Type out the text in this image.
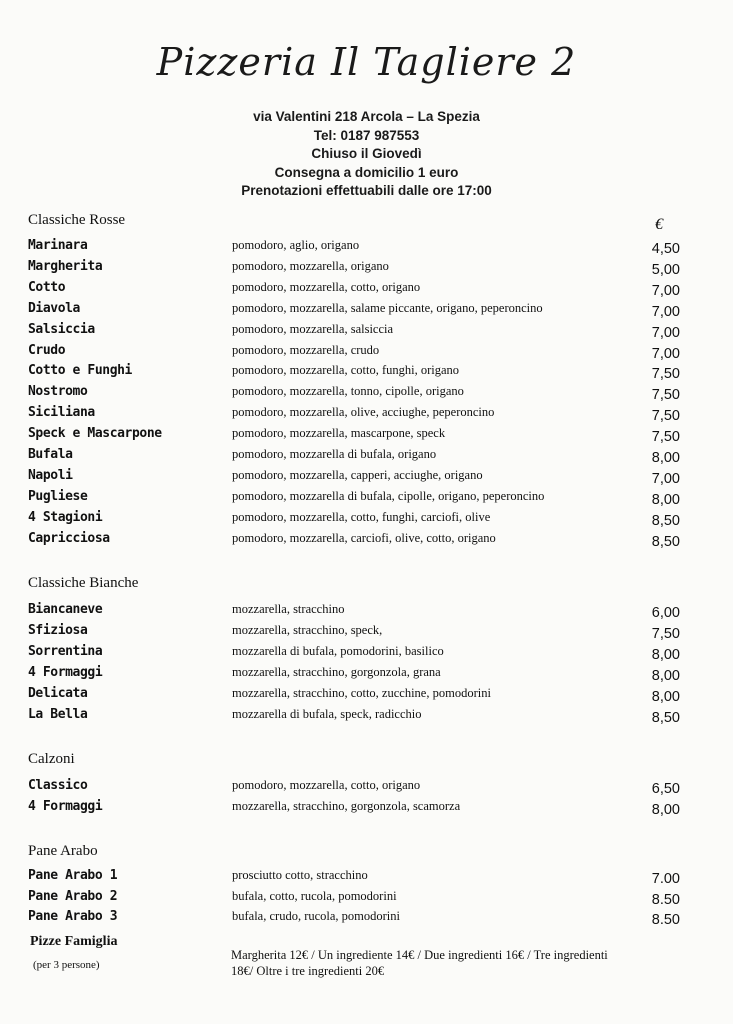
Pizzeria Il Tagliere 2
via Valentini 218 Arcola – La Spezia
Tel: 0187 987553
Chiuso il Giovedì
Consegna a domicilio 1 euro
Prenotazioni effettuabili dalle ore 17:00
Classiche Rosse	€
Marinara	pomodoro, aglio, origano	4,50
Margherita	pomodoro, mozzarella, origano	5,00
Cotto	pomodoro, mozzarella, cotto, origano	7,00
Diavola	pomodoro, mozzarella, salame piccante, origano, peperoncino	7,00
Salsiccia	pomodoro, mozzarella, salsiccia	7,00
Crudo	pomodoro, mozzarella, crudo	7,00
Cotto e Funghi	pomodoro, mozzarella, cotto, funghi, origano	7,50
Nostromo	pomodoro, mozzarella, tonno, cipolle, origano	7,50
Siciliana	pomodoro, mozzarella, olive, acciughe, peperoncino	7,50
Speck e Mascarpone	pomodoro, mozzarella, mascarpone, speck	7,50
Bufala	pomodoro, mozzarella di bufala, origano	8,00
Napoli	pomodoro, mozzarella, capperi, acciughe, origano	7,00
Pugliese	pomodoro, mozzarella di bufala, cipolle, origano, peperoncino	8,00
4 Stagioni	pomodoro, mozzarella, cotto, funghi, carciofi, olive	8,50
Capricciosa	pomodoro, mozzarella, carciofi, olive, cotto, origano	8,50
Classiche Bianche
Biancaneve	mozzarella, stracchino	6,00
Sfiziosa	mozzarella, stracchino, speck,	7,50
Sorrentina	mozzarella di bufala, pomodorini, basilico	8,00
4 Formaggi	mozzarella, stracchino, gorgonzola, grana	8,00
Delicata	mozzarella, stracchino, cotto, zucchine, pomodorini	8,00
La Bella	mozzarella di bufala, speck, radicchio	8,50
Calzoni
Classico	pomodoro, mozzarella, cotto, origano	6,50
4 Formaggi	mozzarella, stracchino, gorgonzola, scamorza	8,00
Pane Arabo
Pane Arabo 1	prosciutto cotto, stracchino	7.00
Pane Arabo 2	bufala, cotto, rucola, pomodorini	8.50
Pane Arabo 3	bufala, crudo, rucola, pomodorini	8.50
Pizze Famiglia
(per 3 persone)
Margherita 12€ / Un ingrediente 14€ / Due ingredienti 16€ / Tre ingredienti 18€/ Oltre i tre ingredienti 20€
